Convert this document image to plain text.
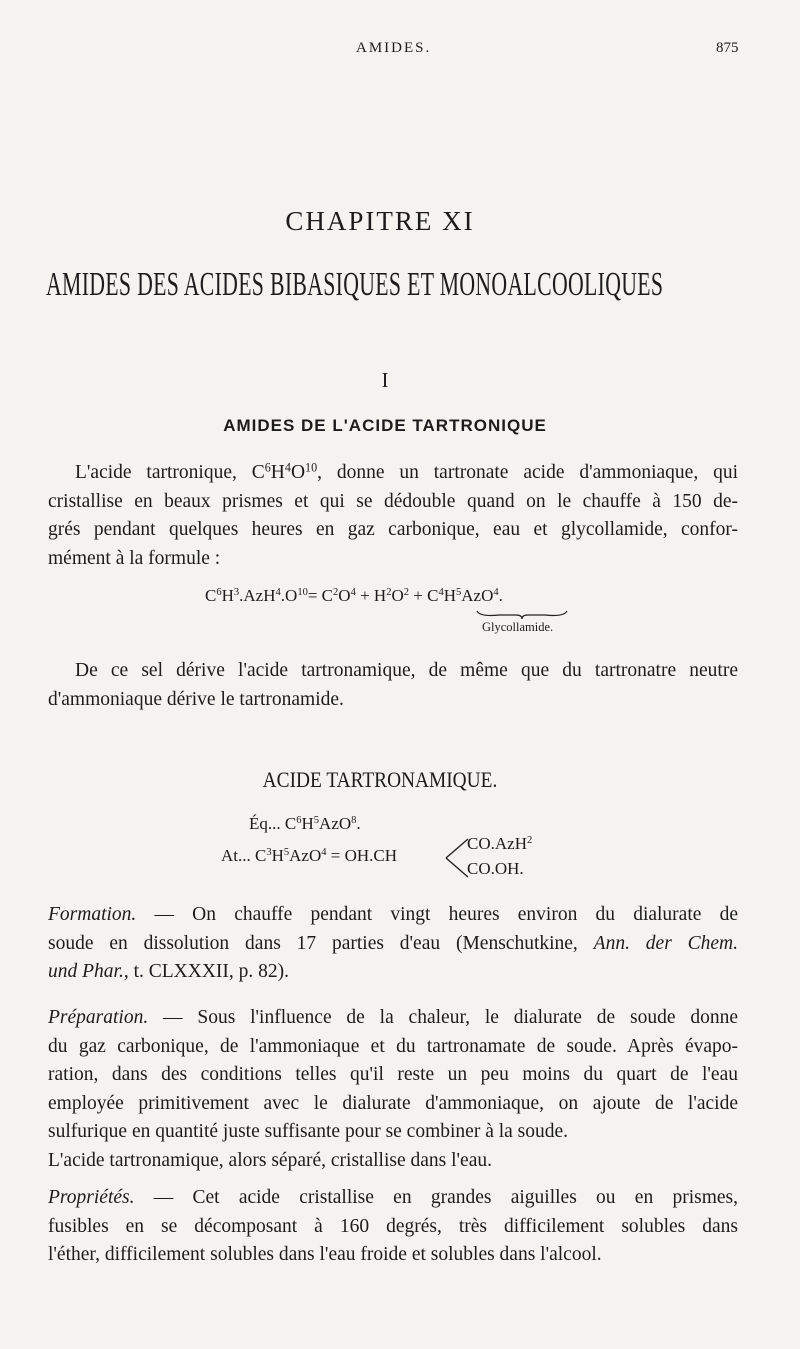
AMIDES.	875
CHAPITRE XI
AMIDES DES ACIDES BIBASIQUES ET MONOALCOOLIQUES
I
AMIDES DE L'ACIDE TARTRONIQUE

L'acide tartronique, $C^6H^4O^{10}$, donne un tartronate acide d'ammoniaque, qui
cristallise en beaux prismes et qui se dédouble quand on le chauffe à 150 de-
grés pendant quelques heures en gaz carbonique, eau et glycollamide, confor-
mément à la formule :

$C^6H^3.AzH^4.O^{10}= C^2O^4 + H^2O^2 + C^4H^5AzO^4$.
Glycollamide.

De ce sel dérive l'acide tartronamique, de même que du tartronatre neutre
d'ammoniaque dérive le tartronamide.

ACIDE TARTRONAMIQUE.
Éq... $C^6H^5AzO^8$.
At... $C^3H^5AzO^4 = OH.CH$
CO.AzH$^2$
CO.OH.

Formation. — On chauffe pendant vingt heures environ du dialurate de
soude en dissolution dans 17 parties d'eau (Menschutkine, Ann. der Chem.
und Phar., t. CLXXXII, p. 82).

Préparation. — Sous l'influence de la chaleur, le dialurate de soude donne
du gaz carbonique, de l'ammoniaque et du tartronamate de soude. Après évapo-
ration, dans des conditions telles qu'il reste un peu moins du quart de l'eau
employée primitivement avec le dialurate d'ammoniaque, on ajoute de l'acide
sulfurique en quantité juste suffisante pour se combiner à la soude.
L'acide tartronamique, alors séparé, cristallise dans l'eau.

Propriétés. — Cet acide cristallise en grandes aiguilles ou en prismes,
fusibles en se décomposant à 160 degrés, très difficilement solubles dans
l'éther, difficilement solubles dans l'eau froide et solubles dans l'alcool.
